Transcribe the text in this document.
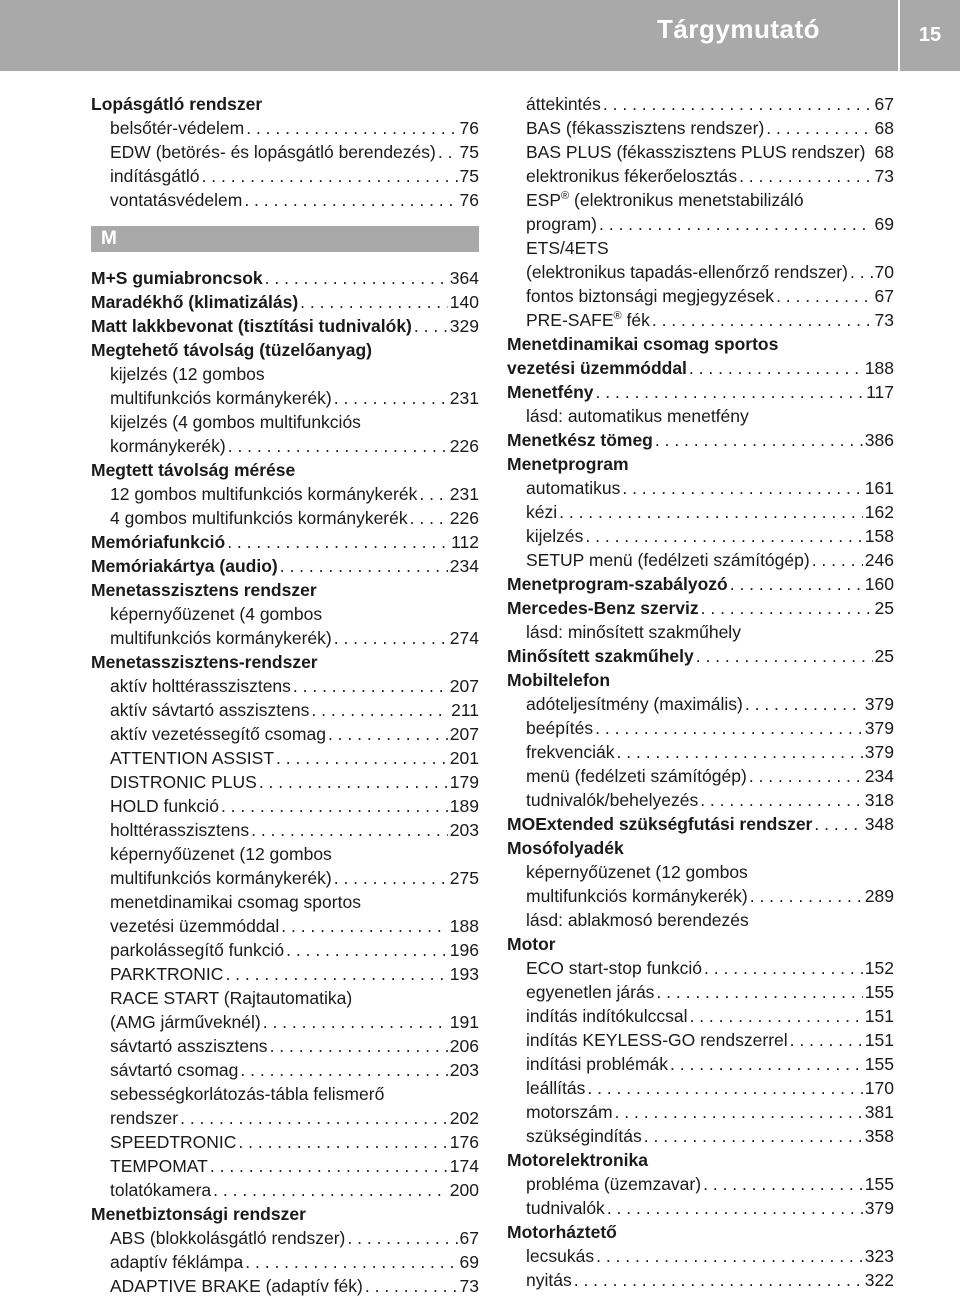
Tárgymutató	15
Lopásgátló rendszer
belsőtér-védelem . . .	76
EDW (betörés- és lopásgátló berendezés) . . . 75
indításgátló . . .	75
vontatásvédelem . . .	76
M
M+S gumiabroncsok . . .	364
Maradékhő (klimatizálás) . . .	140
Matt lakkbevonat (tisztítási tudnivalók) . . . 329
Megtehető távolság (tüzelőanyag)
kijelzés (12 gombos
multifunkciós kormánykerék) . . .	231
kijelzés (4 gombos multifunkciós
kormánykerék) . . .	226
Megtett távolság mérése
12 gombos multifunkciós kormánykerék . . . 231
4 gombos multifunkciós kormánykerék . . . 226
Memóriafunkció . . .	112
Memóriakártya (audio) . . .	234
Menetasszisztens rendszer
képernyőüzenet (4 gombos
multifunkciós kormánykerék) . . .	274
Menetasszisztens-rendszer
aktív holttérasszisztens . . .	207
aktív sávtartó asszisztens . . .	211
aktív vezetéssegítő csomag . . .	207
ATTENTION ASSIST . . .	201
DISTRONIC PLUS . . .	179
HOLD funkció . . .	189
holttérasszisztens . . .	203
képernyőüzenet (12 gombos
multifunkciós kormánykerék) . . .	275
menetdinamikai csomag sportos
vezetési üzemmóddal . . .	188
parkolássegítő funkció . . .	196
PARKTRONIC . . .	193
RACE START (Rajtautomatika)
(AMG járműveknél) . . .	191
sávtartó asszisztens . . .	206
sávtartó csomag . . .	203
sebességkorlátozás-tábla felismerő
rendszer . . .	202
SPEEDTRONIC . . .	176
TEMPOMAT . . .	174
tolatókamera . . .	200
Menetbiztonsági rendszer
ABS (blokkolásgátló rendszer) . . .	67
adaptív féklámpa . . .	69
ADAPTIVE BRAKE (adaptív fék) . . .	73
áttekintés . . .	67
BAS (fékasszisztens rendszer) . . .	68
BAS PLUS (fékasszisztens PLUS rendszer) 68
elektronikus fékerőelosztás . . .	73
ESP® (elektronikus menetstabilizáló
program) . . .	69
ETS/4ETS
(elektronikus tapadás-ellenőrző rendszer) . . . 70
fontos biztonsági megjegyzések . . .	67
PRE-SAFE® fék . . .	73
Menetdinamikai csomag sportos
vezetési üzemmóddal . . .	188
Menetfény . . .	117
lásd: automatikus menetfény
Menetkész tömeg . . .	386
Menetprogram
automatikus . . .	161
kézi . . .	162
kijelzés . . .	158
SETUP menü (fedélzeti számítógép) . . .	246
Menetprogram-szabályozó . . .	160
Mercedes-Benz szerviz . . .	25
lásd: minősített szakműhely
Minősített szakműhely . . .	25
Mobiltelefon
adóteljesítmény (maximális) . . .	379
beépítés . . .	379
frekvenciák . . .	379
menü (fedélzeti számítógép) . . .	234
tudnivalók/behelyezés . . .	318
MOExtended szükségfutási rendszer . . .	348
Mosófolyadék
képernyőüzenet (12 gombos
multifunkciós kormánykerék) . . .	289
lásd: ablakmosó berendezés
Motor
ECO start-stop funkció . . .	152
egyenetlen járás . . .	155
indítás indítókulccsal . . .	151
indítás KEYLESS-GO rendszerrel . . .	151
indítási problémák . . .	155
leállítás . . .	170
motorszám . . .	381
szükségindítás . . .	358
Motorelektronika
probléma (üzemzavar) . . .	155
tudnivalók . . .	379
Motorháztető
lecsukás . . .	323
nyitás . . .	322
